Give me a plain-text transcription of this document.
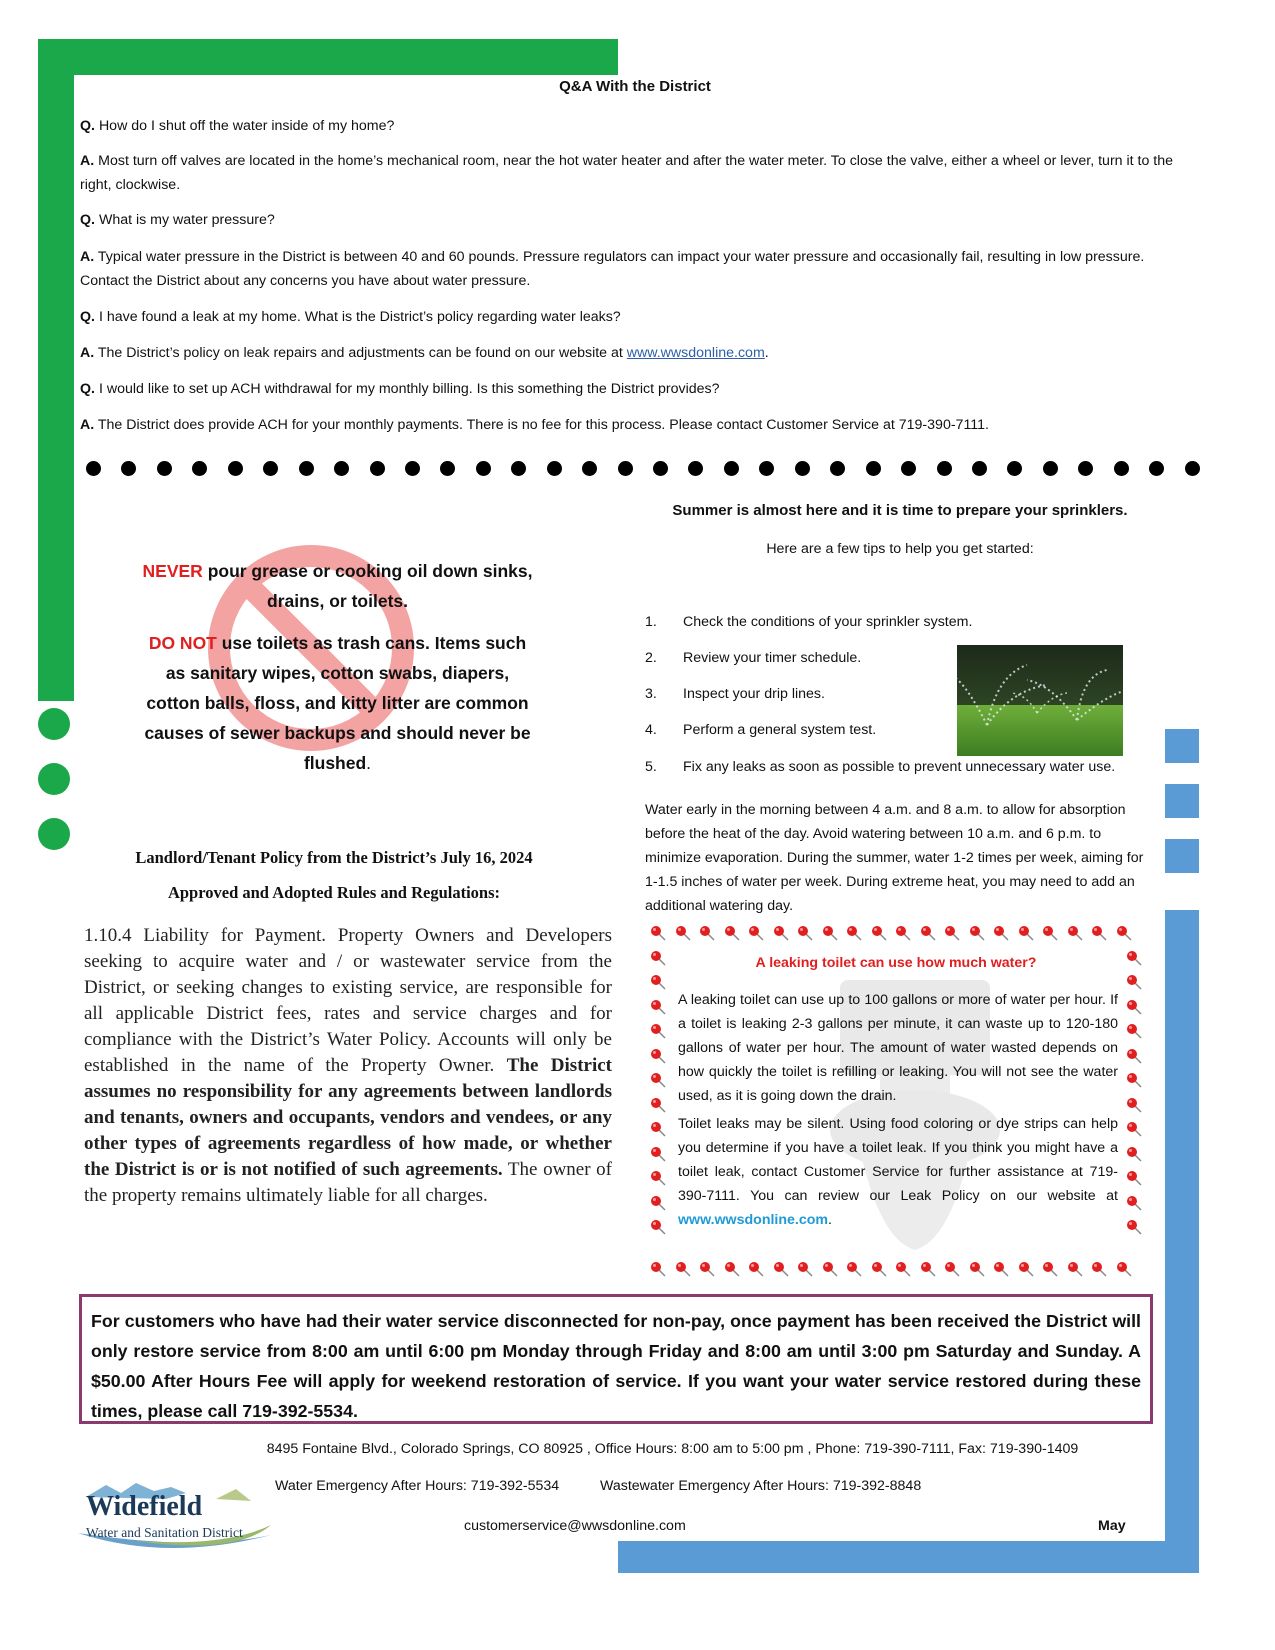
Q&A With the District
Q. How do I shut off the water inside of my home?
A. Most turn off valves are located in the home’s mechanical room, near the hot water heater and after the water meter. To close the valve, either a wheel or lever, turn it to the right, clockwise.
Q. What is my water pressure?
A. Typical water pressure in the District is between 40 and 60 pounds. Pressure regulators can impact your water pressure and occasionally fail, resulting in low pressure. Contact the District about any concerns you have about water pressure.
Q. I have found a leak at my home. What is the District’s policy regarding water leaks?
A. The District’s policy on leak repairs and adjustments can be found on our website at www.wwsdonline.com.
Q. I would like to set up ACH withdrawal for my monthly billing. Is this something the District provides?
A. The District does provide ACH for your monthly payments. There is no fee for this process. Please contact Customer Service at 719-390-7111.
NEVER pour grease or cooking oil down sinks, drains, or toilets.
DO NOT use toilets as trash cans. Items such as sanitary wipes, cotton swabs, diapers, cotton balls, floss, and kitty litter are common causes of sewer backups and should never be flushed.
Landlord/Tenant Policy from the District’s July 16, 2024
Approved and Adopted Rules and Regulations:
1.10.4 Liability for Payment. Property Owners and Developers seeking to acquire water and / or wastewater service from the District, or seeking changes to existing service, are responsible for all applicable District fees, rates and service charges and for compliance with the District’s Water Policy. Accounts will only be established in the name of the Property Owner. The District assumes no responsibility for any agreements between landlords and tenants, owners and occupants, vendors and vendees, or any other types of agreements regardless of how made, or whether the District is or is not notified of such agreements. The owner of the property remains ultimately liable for all charges.
Summer is almost here and it is time to prepare your sprinklers.
Here are a few tips to help you get started:
1. Check the conditions of your sprinkler system.
2. Review your timer schedule.
3. Inspect your drip lines.
4. Perform a general system test.
5. Fix any leaks as soon as possible to prevent unnecessary water use.
Water early in the morning between 4 a.m. and 8 a.m. to allow for absorption before the heat of the day. Avoid watering between 10 a.m. and 6 p.m. to minimize evaporation. During the summer, water 1-2 times per week, aiming for 1-1.5 inches of water per week. During extreme heat, you may need to add an additional watering day.
A leaking toilet can use how much water?
A leaking toilet can use up to 100 gallons or more of water per hour. If a toilet is leaking 2-3 gallons per minute, it can waste up to 120-180 gallons of water per hour. The amount of water wasted depends on how quickly the toilet is refilling or leaking. You will not see the water used, as it is going down the drain.
Toilet leaks may be silent. Using food coloring or dye strips can help you determine if you have a toilet leak. If you think you might have a toilet leak, contact Customer Service for further assistance at 719-390-7111. You can review our Leak Policy on our website at www.wwsdonline.com.
For customers who have had their water service disconnected for non-pay, once payment has been received the District will only restore service from 8:00 am until 6:00 pm Monday through Friday and 8:00 am until 3:00 pm Saturday and Sunday. A $50.00 After Hours Fee will apply for weekend restoration of service. If you want your water service restored during these times, please call 719-392-5534.
8495 Fontaine Blvd., Colorado Springs, CO 80925 , Office Hours: 8:00 am to 5:00 pm , Phone: 719-390-7111, Fax: 719-390-1409
Water Emergency After Hours: 719-392-5534	Wastewater Emergency After Hours: 719-392-8848
customerservice@wwsdonline.com	May
Widefield
Water and Sanitation District
